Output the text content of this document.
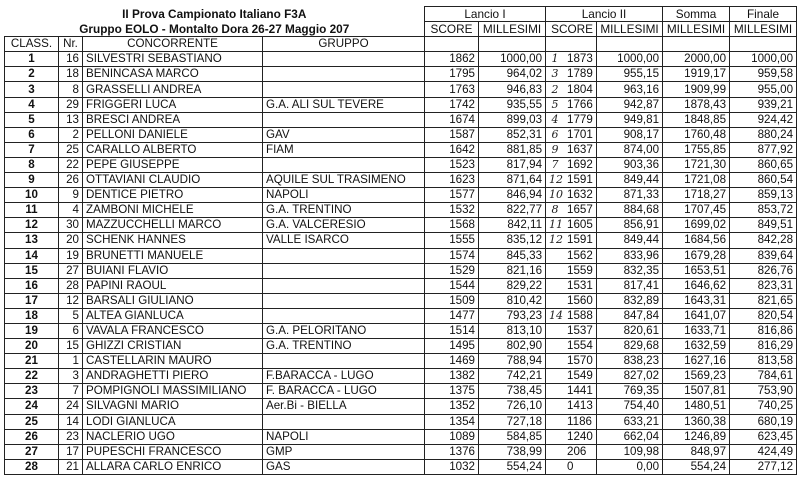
II Prova Campionato Italiano F3A				Lancio I		Lancio II		Somma	Finale
Gruppo EOLO - Montalto Dora 26-27 Maggio 207				SCORE	MILLESIMI	SCORE	MILLESIMI	MILLESIMI	MILLESIMI
CLASS.	Nr.	CONCORRENTE	GRUPPO						
1	16	SILVESTRI SEBASTIANO		1862	1000,00	1 1873	1000,00	2000,00	1000,00
2	18	BENINCASA MARCO		1795	964,02	3 1789	955,15	1919,17	959,58
3	8	GRASSELLI ANDREA		1763	946,83	2 1804	963,16	1909,99	955,00
4	29	FRIGGERI LUCA	G.A. ALI SUL TEVERE	1742	935,55	5 1766	942,87	1878,43	939,21
5	13	BRESCI ANDREA		1674	899,03	4 1779	949,81	1848,85	924,42
6	2	PELLONI DANIELE	GAV	1587	852,31	6 1701	908,17	1760,48	880,24
7	25	CARALLO ALBERTO	FIAM	1642	881,85	9 1637	874,00	1755,85	877,92
8	22	PEPE GIUSEPPE		1523	817,94	7 1692	903,36	1721,30	860,65
9	26	OTTAVIANI CLAUDIO	AQUILE SUL TRASIMENO	1623	871,64	12 1591	849,44	1721,08	860,54
10	9	DENTICE PIETRO	NAPOLI	1577	846,94	10 1632	871,33	1718,27	859,13
11	4	ZAMBONI MICHELE	G.A. TRENTINO	1532	822,77	8 1657	884,68	1707,45	853,72
12	30	MAZZUCCHELLI MARCO	G.A. VALCERESIO	1568	842,11	11 1605	856,91	1699,02	849,51
13	20	SCHENK HANNES	VALLE ISARCO	1555	835,12	12 1591	849,44	1684,56	842,28
14	19	BRUNETTI MANUELE		1574	845,33	1562	833,96	1679,28	839,64
15	27	BUIANI FLAVIO		1529	821,16	1559	832,35	1653,51	826,76
16	28	PAPINI RAOUL		1544	829,22	1531	817,41	1646,62	823,31
17	12	BARSALI GIULIANO		1509	810,42	1560	832,89	1643,31	821,65
18	5	ALTEA GIANLUCA		1477	793,23	14 1588	847,84	1641,07	820,54
19	6	VAVALA FRANCESCO	G.A. PELORITANO	1514	813,10	1537	820,61	1633,71	816,86
20	15	GHIZZI CRISTIAN	G.A. TRENTINO	1495	802,90	1554	829,68	1632,59	816,29
21	1	CASTELLARIN MAURO		1469	788,94	1570	838,23	1627,16	813,58
22	3	ANDRAGHETTI PIERO	F.BARACCA - LUGO	1382	742,21	1549	827,02	1569,23	784,61
23	7	POMPIGNOLI MASSIMILIANO	F. BARACCA - LUGO	1375	738,45	1441	769,35	1507,81	753,90
24	24	SILVAGNI MARIO	Aer.Bi - BIELLA	1352	726,10	1413	754,40	1480,51	740,25
25	14	LODI GIANLUCA		1354	727,18	1186	633,21	1360,38	680,19
26	23	NACLERIO UGO	NAPOLI	1089	584,85	1240	662,04	1246,89	623,45
27	17	PUPESCHI FRANCESCO	GMP	1376	738,99	206	109,98	848,97	424,49
28	21	ALLARA CARLO ENRICO	GAS	1032	554,24	0	0,00	554,24	277,12
